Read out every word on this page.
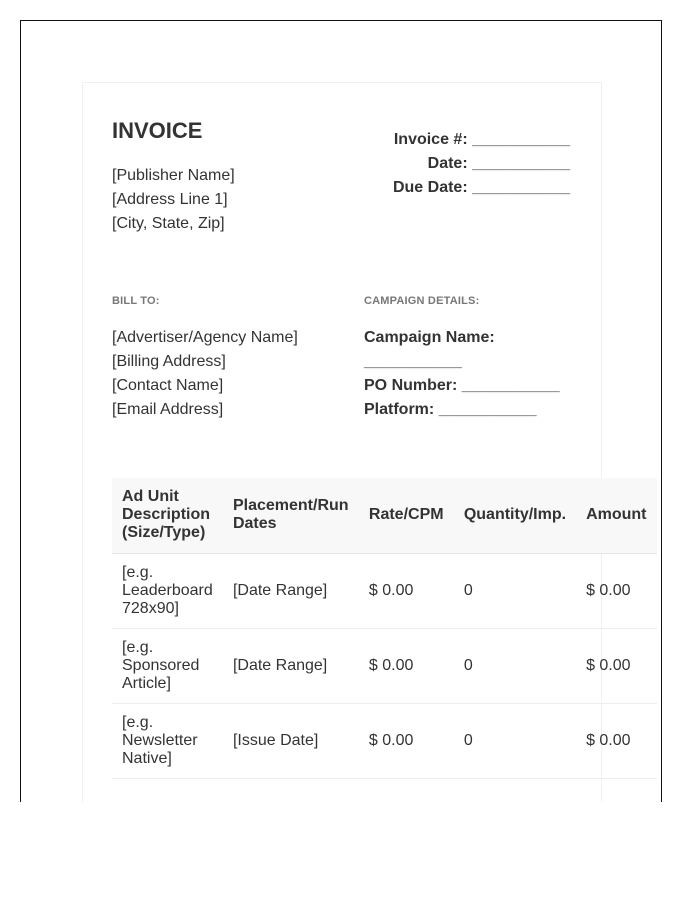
INVOICE
[Publisher Name]
[Address Line 1]
[City, State, Zip]
Invoice #: ___________
Date: ___________
Due Date: ___________
BILL TO:	CAMPAIGN DETAILS:
[Advertiser/Agency Name]
[Billing Address]
[Contact Name]
[Email Address]
Campaign Name:
___________
PO Number: ___________
Platform: ___________
Ad Unit Description (Size/Type)	Placement/Run Dates	Rate/CPM	Quantity/Imp.	Amount
[e.g. Leaderboard 728x90]	[Date Range]	$ 0.00	0	$ 0.00
[e.g. Sponsored Article]	[Date Range]	$ 0.00	0	$ 0.00
[e.g. Newsletter Native]	[Issue Date]	$ 0.00	0	$ 0.00
